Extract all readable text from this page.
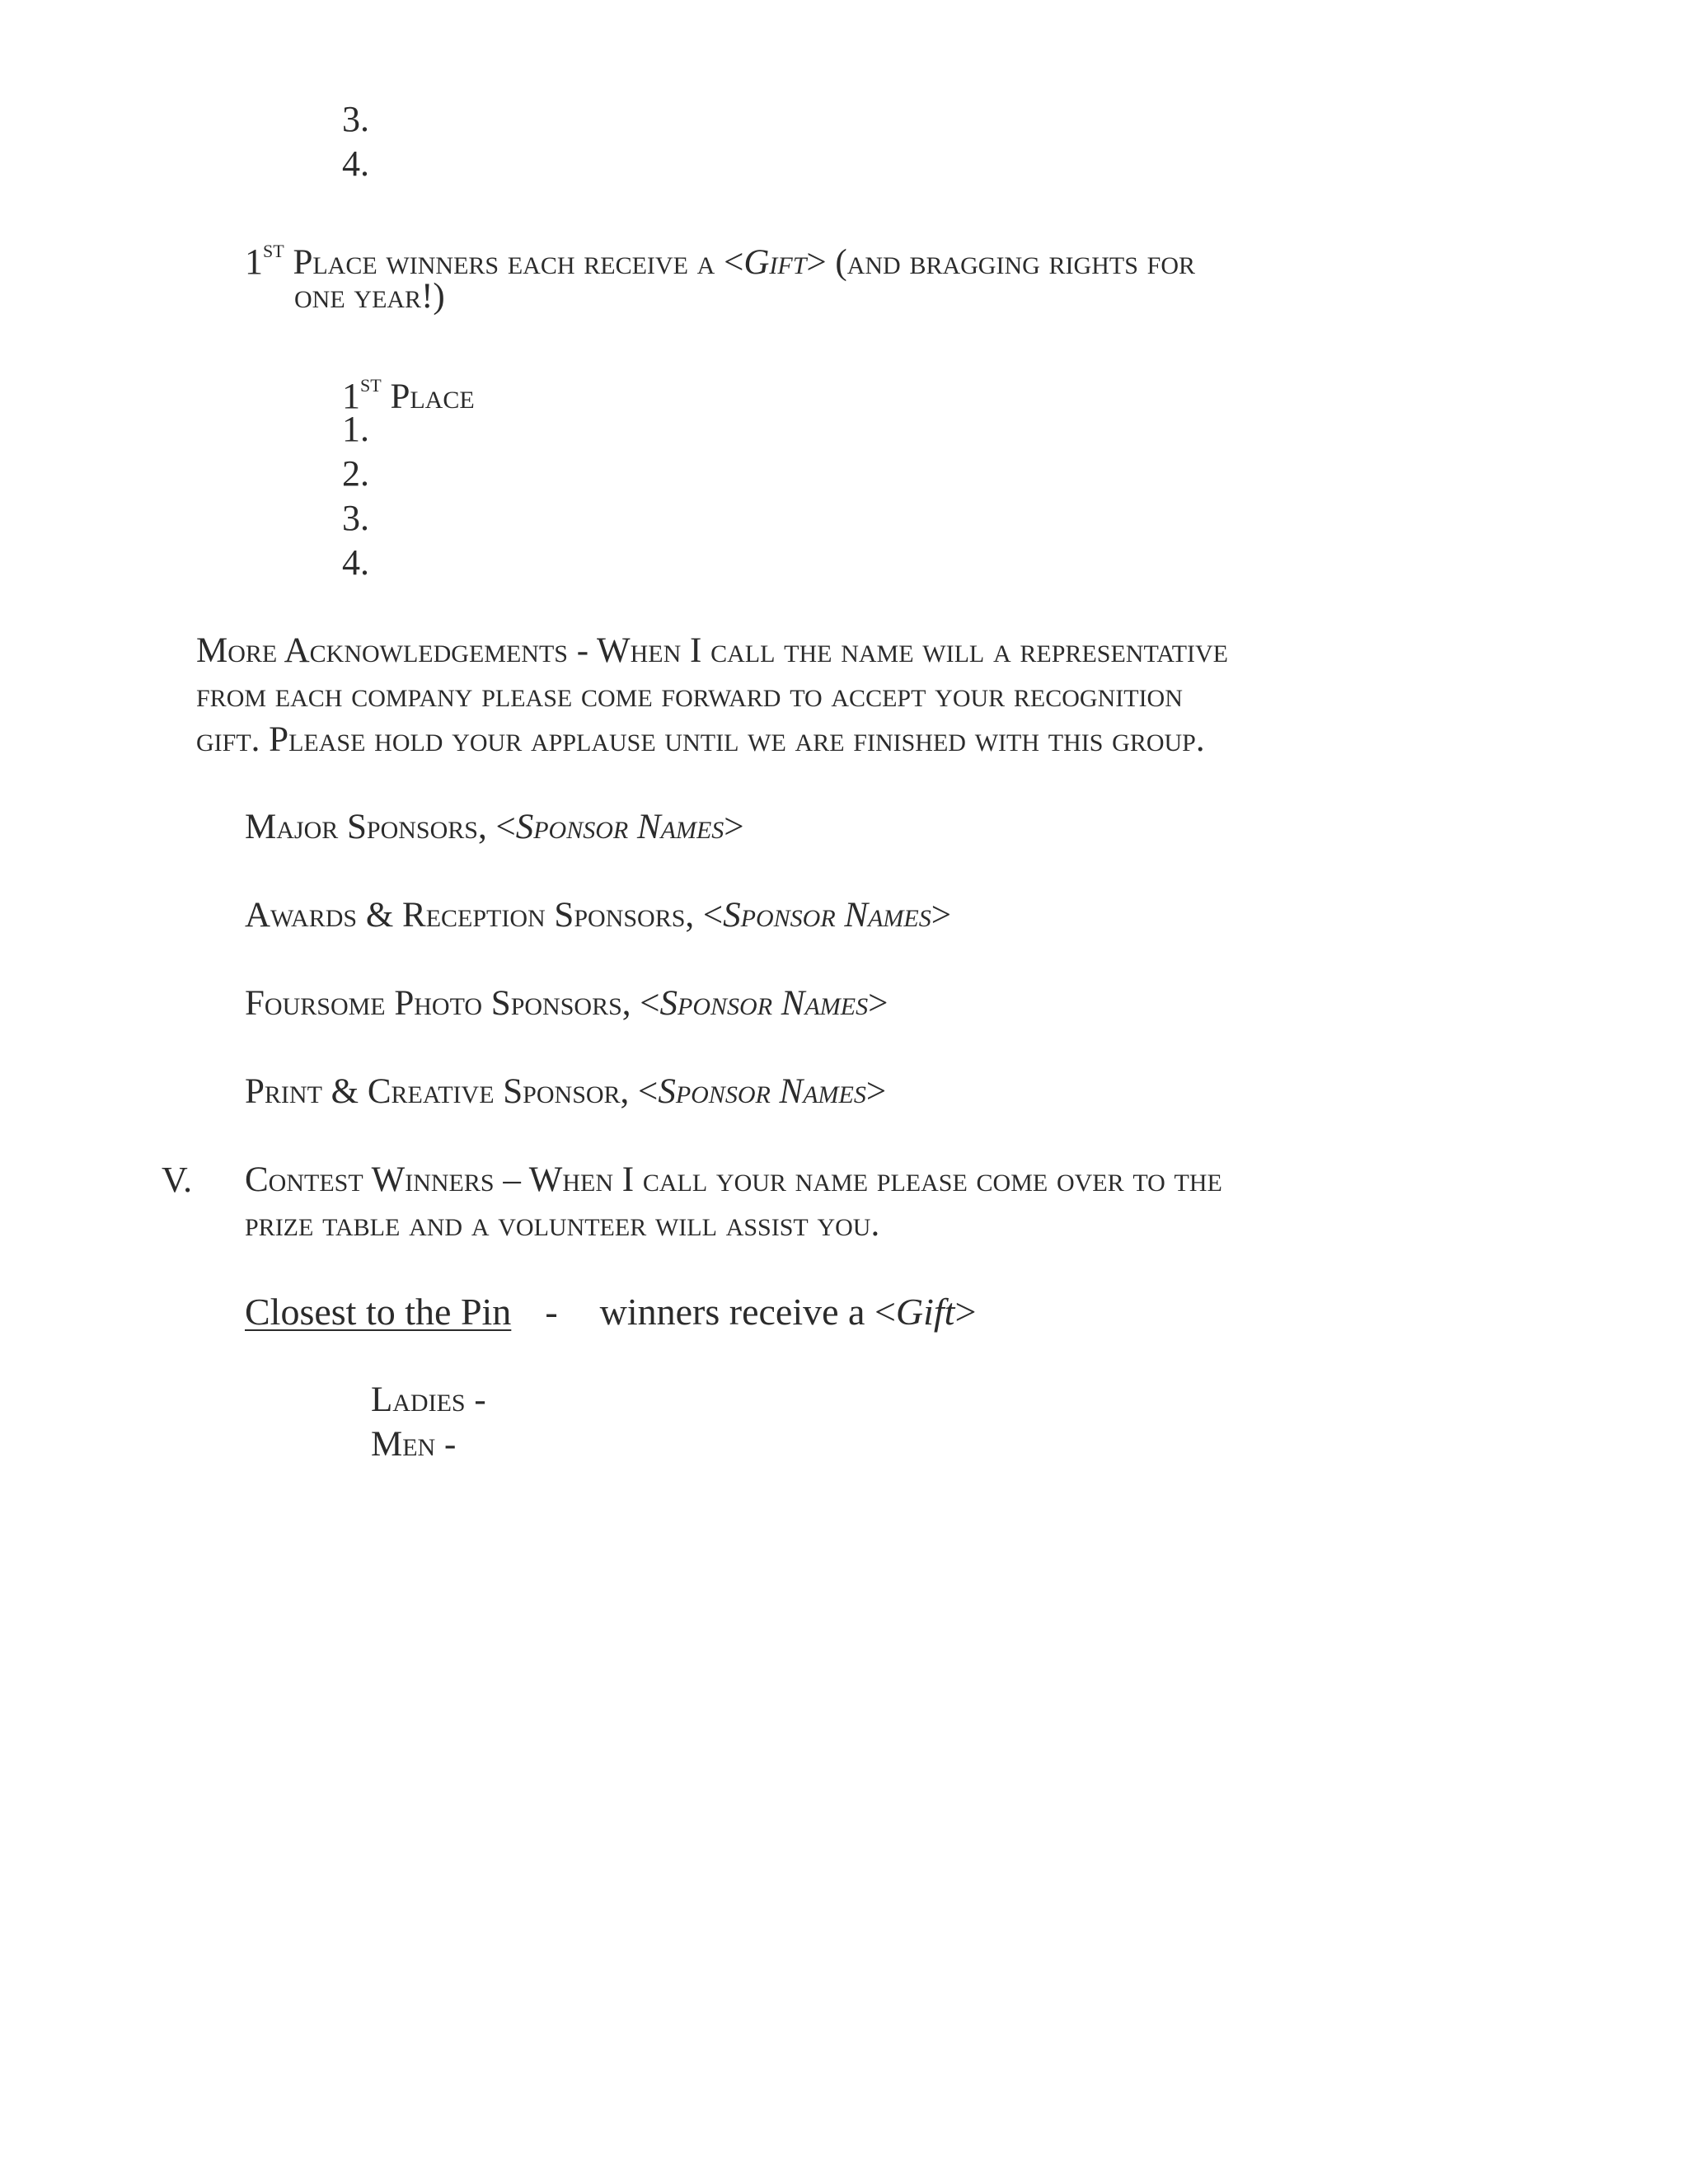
3.
4.
1ST Place winners each receive a <Gift> (and bragging rights for
one year!)
1ST Place
1.
2.
3.
4.
More Acknowledgements - When I call the name will a representative
from each company please come forward to accept your recognition
gift. Please hold your applause until we are finished with this group.
Major Sponsors, <Sponsor Names>
Awards & Reception Sponsors, <Sponsor Names>
Foursome Photo Sponsors, <Sponsor Names>
Print & Creative Sponsor, <Sponsor Names>
V. Contest Winners – When I call your name please come over to the
prize table and a volunteer will assist you.
Closest to the Pin - winners receive a <Gift>
Ladies -
Men -
